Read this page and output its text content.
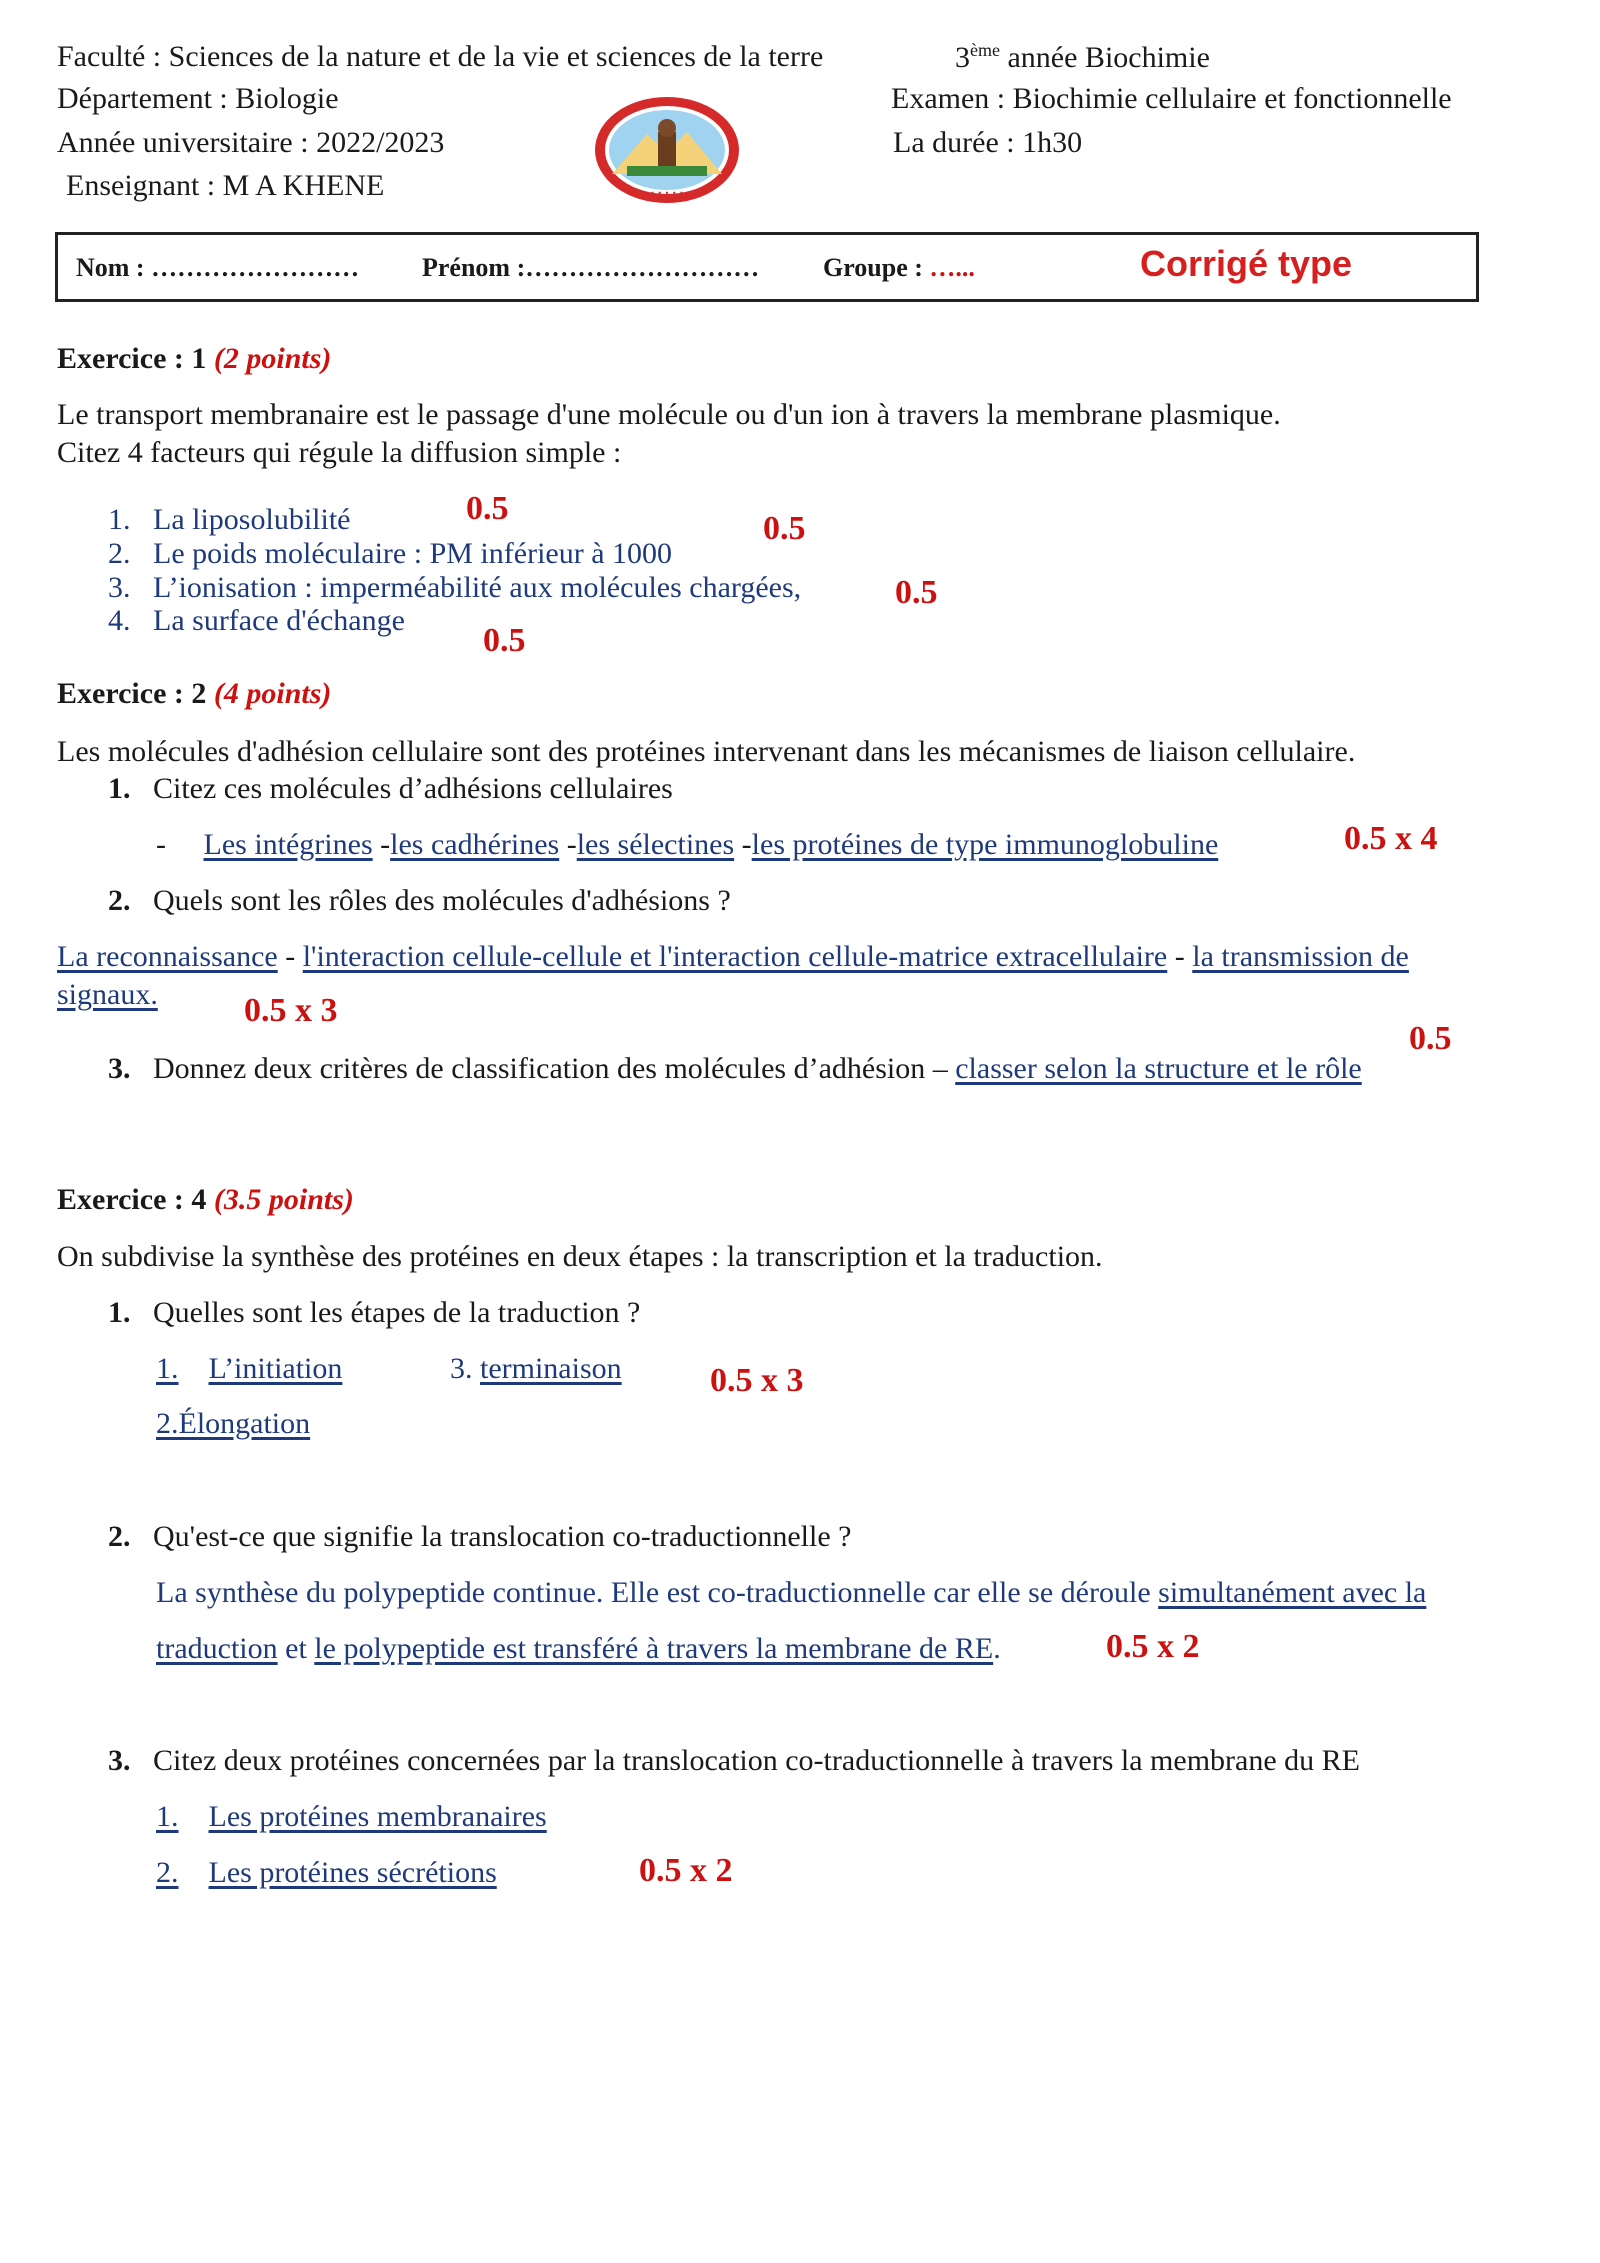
Faculté : Sciences de la nature et de la vie et sciences de la terre	3ème année Biochimie
Département : Biologie	Examen : Biochimie cellulaire et fonctionnelle
Année universitaire : 2022/2023	La durée : 1h30
Enseignant : M A KHENE	• • • • •
Nom : …………………… Prénom :……………………… Groupe : …...	Corrigé type
Exercice : 1 (2 points)
Le transport membranaire est le passage d'une molécule ou d'un ion à travers la membrane plasmique.
Citez 4 facteurs qui régule la diffusion simple :
1. La liposolubilité
2. Le poids moléculaire : PM inférieur à 1000
3. L’ionisation : imperméabilité aux molécules chargées,
4. La surface d'échange
0.5
0.5
0.5
0.5
Exercice : 2 (4 points)
Les molécules d'adhésion cellulaire sont des protéines intervenant dans les mécanismes de liaison cellulaire.
1. Citez ces molécules d’adhésions cellulaires
- Les intégrines -les cadhérines -les sélectines -les protéines de type immunoglobuline	0.5 x 4
2. Quels sont les rôles des molécules d'adhésions ?
La reconnaissance - l'interaction cellule-cellule et l'interaction cellule-matrice extracellulaire - la transmission de
signaux.	0.5 x 3
0.5
3. Donnez deux critères de classification des molécules d’adhésion – classer selon la structure et le rôle
Exercice : 4 (3.5 points)
On subdivise la synthèse des protéines en deux étapes : la transcription et la traduction.
1. Quelles sont les étapes de la traduction ?
1. L’initiation	3. terminaison	0.5 x 3
2.Élongation
2. Qu'est-ce que signifie la translocation co-traductionnelle ?
La synthèse du polypeptide continue. Elle est co-traductionnelle car elle se déroule simultanément avec la
traduction et le polypeptide est transféré à travers la membrane de RE.	0.5 x 2
3. Citez deux protéines concernées par la translocation co-traductionnelle à travers la membrane du RE
1. Les protéines membranaires
2. Les protéines sécrétions	0.5 x 2
